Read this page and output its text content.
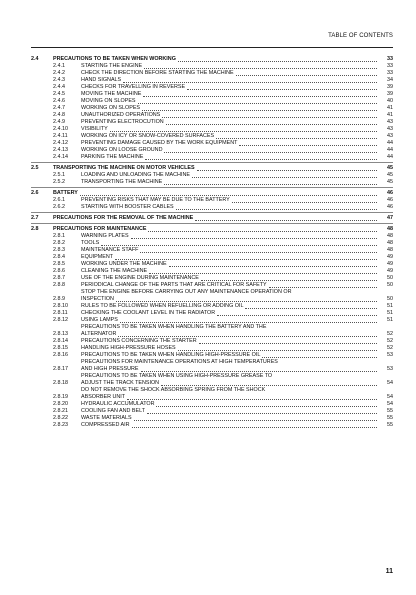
TABLE OF CONTENTS
2.4	PRECAUTIONS TO BE TAKEN WHEN WORKING	33
2.4.1	STARTING THE ENGINE	33
2.4.2	CHECK THE DIRECTION BEFORE STARTING THE MACHINE	33
2.4.3	HAND SIGNALS	34
2.4.4	CHECKS FOR TRAVELLING IN REVERSE	39
2.4.5	MOVING THE MACHINE	39
2.4.6	MOVING ON SLOPES	40
2.4.7	WORKING ON SLOPES	41
2.4.8	UNAUTHORIZED OPERATIONS	41
2.4.9	PREVENTING ELECTROCUTION	43
2.4.10	VISIBILITY	43
2.4.11	WORKING ON ICY OR SNOW-COVERED SURFACES	43
2.4.12	PREVENTING DAMAGE CAUSED BY THE WORK EQUIPMENT	44
2.4.13	WORKING ON LOOSE GROUND	44
2.4.14	PARKING THE MACHINE	44
2.5	TRANSPORTING THE MACHINE ON MOTOR VEHICLES	45
2.5.1	LOADING AND UNLOADING THE MACHINE	45
2.5.2	TRANSPORTING THE MACHINE	45
2.6	BATTERY	46
2.6.1	PREVENTING RISKS THAT MAY BE DUE TO THE BATTERY	46
2.6.2	STARTING WITH BOOSTER CABLES	46
2.7	PRECAUTIONS FOR THE REMOVAL OF THE MACHINE	47
2.8	PRECAUTIONS FOR MAINTENANCE	48
2.8.1	WARNING PLATES	48
2.8.2	TOOLS	48
2.8.3	MAINTENANCE STAFF	48
2.8.4	EQUIPMENT	49
2.8.5	WORKING UNDER THE MACHINE	49
2.8.6	CLEANING THE MACHINE	49
2.8.7	USE OF THE ENGINE DURING MAINTENANCE	50
2.8.8	PERIODICAL CHANGE OF THE PARTS THAT ARE CRITICAL FOR SAFETY	50
2.8.9
STOP THE ENGINE BEFORE CARRYING OUT ANY MAINTENANCE OPERATION OR
INSPECTION	50
2.8.10	RULES TO BE FOLLOWED WHEN REFUELLING OR ADDING OIL	51
2.8.11	CHECKING THE COOLANT LEVEL IN THE RADIATOR	51
2.8.12	USING LAMPS	51
2.8.13
PRECAUTIONS TO BE TAKEN WHEN HANDLING THE BATTERY AND THE
ALTERNATOR	52
2.8.14	PRECAUTIONS CONCERNING THE STARTER	52
2.8.15	HANDLING HIGH-PRESSURE HOSES	52
2.8.16	PRECAUTIONS TO BE TAKEN WHEN HANDLING HIGH-PRESSURE OIL	53
2.8.17
PRECAUTIONS FOR MAINTENANCE OPERATIONS AT HIGH TEMPERATURES
AND HIGH PRESSURE	53
2.8.18
PRECAUTIONS TO BE TAKEN WHEN USING HIGH-PRESSURE GREASE TO
ADJUST THE TRACK TENSION	54
2.8.19
DO NOT REMOVE THE SHOCK ABSORBING SPRING FROM THE SHOCK
ABSORBER UNIT	54
2.8.20	HYDRAULIC ACCUMULATOR	54
2.8.21	COOLING FAN AND BELT	55
2.8.22	WASTE MATERIALS	55
2.8.23	COMPRESSED AIR	55
11
